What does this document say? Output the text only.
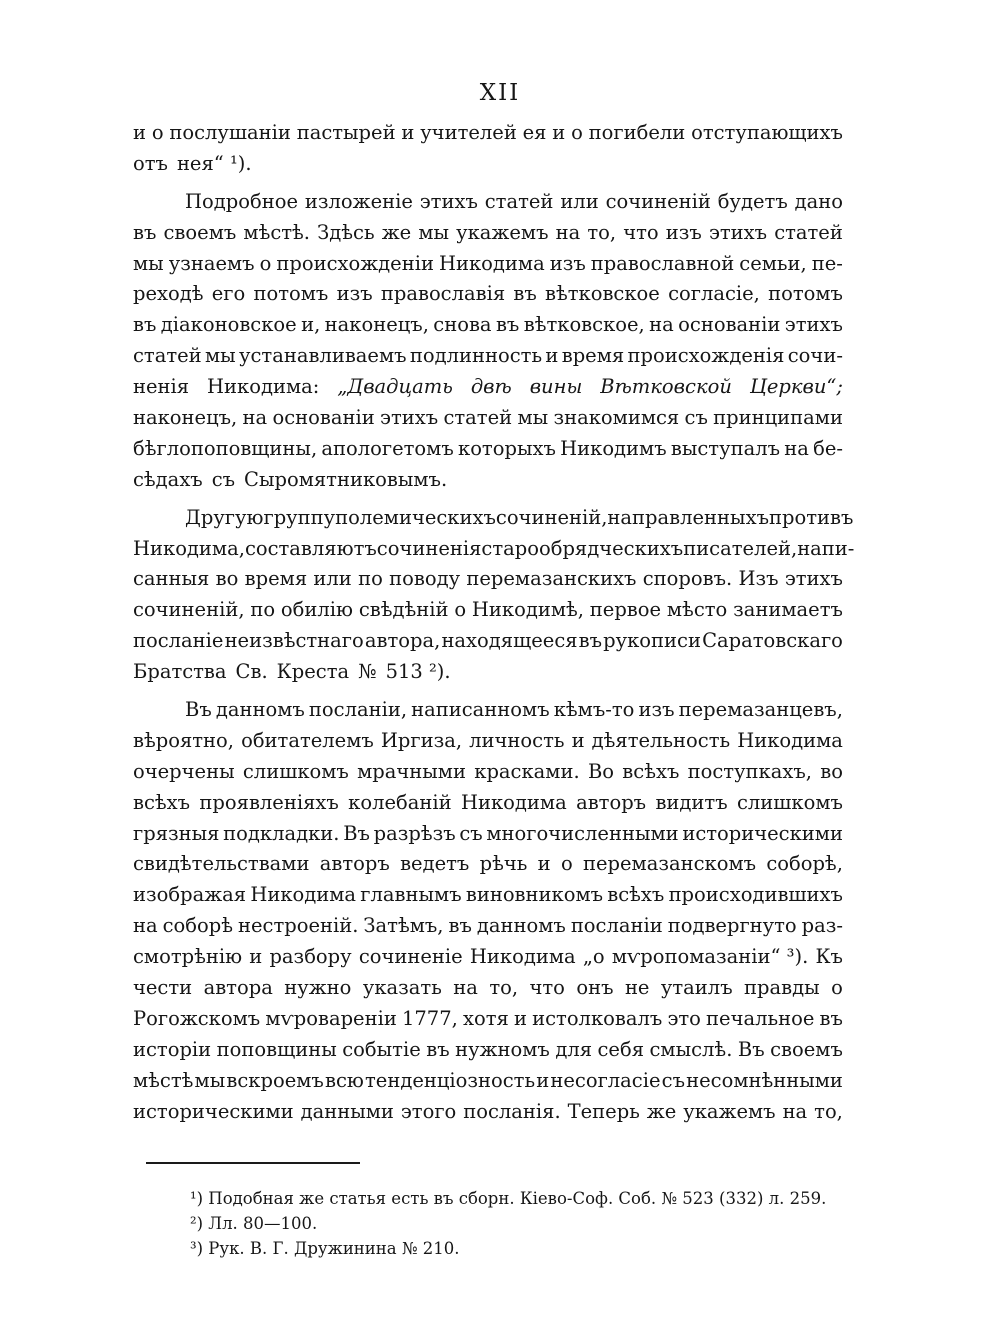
XII
и о послушаніи пастырей и учителей ея и о погибели отступающихъ
отъ нея“ ¹).
Подробное изложеніе этихъ статей или сочиненій будетъ дано
въ своемъ мѣстѣ. Здѣсь же мы укажемъ на то, что изъ этихъ статей
мы узнаемъ о происхожденіи Никодима изъ православной семьи, пе-
реходѣ его потомъ изъ православія въ вѣтковское согласіе, потомъ
въ діаконовское и, наконецъ, снова въ вѣтковское, на основаніи этихъ
статей мы устанавливаемъ подлинность и время происхожденія сочи-
ненія Никодима: „Двадцать двѣ вины Вѣтковской Церкви“;
наконецъ, на основаніи этихъ статей мы знакомимся съ принципами
бѣглопоповщины, апологетомъ которыхъ Никодимъ выступалъ на бе-
сѣдахъ съ Сыромятниковымъ.
Другую группу полемическихъ сочиненій, направленныхъ противъ
Никодима, составляютъ сочиненія старообрядческихъ писателей, напи-
санныя во время или по поводу перемазанскихъ споровъ. Изъ этихъ
сочиненій, по обилію свѣдѣній о Никодимѣ, первое мѣсто занимаетъ
посланіе неизвѣстнаго автора, находящееся въ рукописи Саратовскаго
Братства Св. Креста № 513 ²).
Въ данномъ посланіи, написанномъ кѣмъ-то изъ перемазанцевъ,
вѣроятно, обитателемъ Иргиза, личность и дѣятельность Никодима
очерчены слишкомъ мрачными красками. Во всѣхъ поступкахъ, во
всѣхъ проявленіяхъ колебаній Никодима авторъ видитъ слишкомъ
грязныя подкладки. Въ разрѣзъ съ многочисленными историческими
свидѣтельствами авторъ ведетъ рѣчь и о перемазанскомъ соборѣ,
изображая Никодима главнымъ виновникомъ всѣхъ происходившихъ
на соборѣ нестроеній. Затѣмъ, въ данномъ посланіи подвергнуто раз-
смотрѣнію и разбору сочиненіе Никодима „о мѵропомазаніи“ ³). Къ
чести автора нужно указать на то, что онъ не утаилъ правды о
Рогожскомъ мѵровареніи 1777, хотя и истолковалъ это печальное въ
исторіи поповщины событіе въ нужномъ для себя смыслѣ. Въ своемъ
мѣстѣ мы вскроемъ всю тенденціозность и несогласіе съ несомнѣнными
историческими данными этого посланія. Теперь же укажемъ на то,
¹) Подобная же статья есть въ сборн. Кіево-Соф. Соб. № 523 (332) л. 259.
²) Лл. 80—100.
³) Рук. В. Г. Дружинина № 210.
